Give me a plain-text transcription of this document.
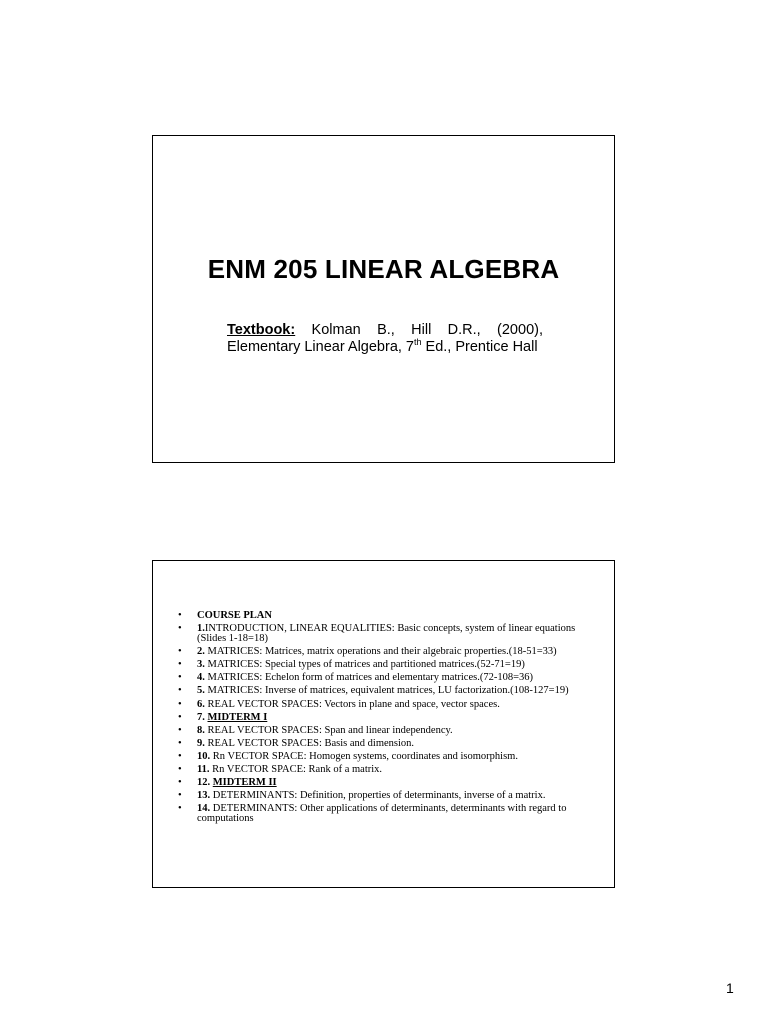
ENM 205 LINEAR ALGEBRA
Textbook: Kolman B., Hill D.R., (2000), Elementary Linear Algebra, 7th Ed., Prentice Hall
• COURSE PLAN
• 1.INTRODUCTION, LINEAR EQUALITIES: Basic concepts, system of linear equations (Slides 1-18=18)
• 2. MATRICES: Matrices, matrix operations and their algebraic properties.(18-51=33)
• 3. MATRICES: Special types of matrices and partitioned matrices.(52-71=19)
• 4. MATRICES: Echelon form of matrices and elementary matrices.(72-108=36)
• 5. MATRICES: Inverse of matrices, equivalent matrices, LU factorization.(108-127=19)
• 6. REAL VECTOR SPACES: Vectors in plane and space, vector spaces.
• 7. MIDTERM I
• 8. REAL VECTOR SPACES: Span and linear independency.
• 9. REAL VECTOR SPACES: Basis and dimension.
• 10. Rn VECTOR SPACE: Homogen systems, coordinates and isomorphism.
• 11. Rn VECTOR SPACE: Rank of a matrix.
• 12. MIDTERM II
• 13. DETERMINANTS: Definition, properties of determinants, inverse of a matrix.
• 14. DETERMINANTS: Other applications of determinants, determinants with regard to computations
1
